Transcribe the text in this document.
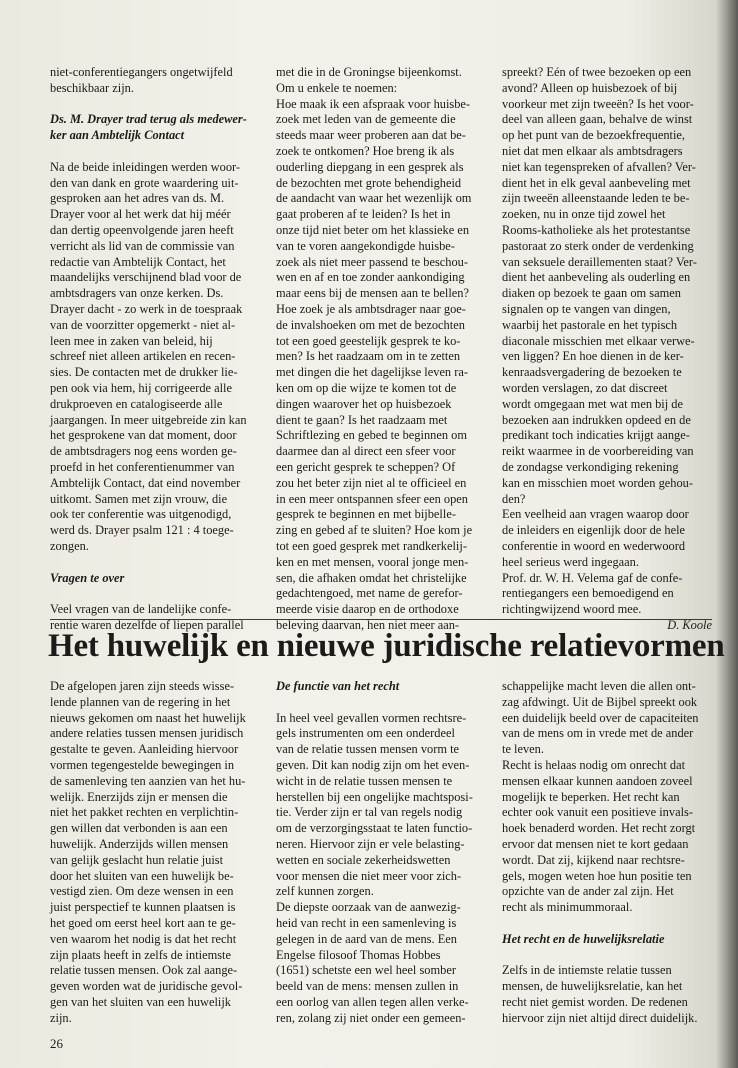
niet-conferentiegangers ongetwijfeld
beschikbaar zijn.

Ds. M. Drayer trad terug als medewer-
ker aan Ambtelijk Contact

Na de beide inleidingen werden woor-
den van dank en grote waardering uit-
gesproken aan het adres van ds. M.
Drayer voor al het werk dat hij méér
dan dertig opeenvolgende jaren heeft
verricht als lid van de commissie van
redactie van Ambtelijk Contact, het
maandelijks verschijnend blad voor de
ambtsdragers van onze kerken. Ds.
Drayer dacht - zo werk in de toespraak
van de voorzitter opgemerkt - niet al-
leen mee in zaken van beleid, hij
schreef niet alleen artikelen en recen-
sies. De contacten met de drukker lie-
pen ook via hem, hij corrigeerde alle
drukproeven en catalogiseerde alle
jaargangen. In meer uitgebreide zin kan
het gesprokene van dat moment, door
de ambtsdragers nog eens worden ge-
proefd in het conferentienummer van
Ambtelijk Contact, dat eind november
uitkomt. Samen met zijn vrouw, die
ook ter conferentie was uitgenodigd,
werd ds. Drayer psalm 121 : 4 toege-
zongen.

Vragen te over

Veel vragen van de landelijke confe-
rentie waren dezelfde of liepen parallel

met die in de Groningse bijeenkomst.
Om u enkele te noemen:
Hoe maak ik een afspraak voor huisbe-
zoek met leden van de gemeente die
steeds maar weer proberen aan dat be-
zoek te ontkomen? Hoe breng ik als
ouderling diepgang in een gesprek als
de bezochten met grote behendigheid
de aandacht van waar het wezenlijk om
gaat proberen af te leiden? Is het in
onze tijd niet beter om het klassieke en
van te voren aangekondigde huisbe-
zoek als niet meer passend te beschou-
wen en af en toe zonder aankondiging
maar eens bij de mensen aan te bellen?
Hoe zoek je als ambtsdrager naar goe-
de invalshoeken om met de bezochten
tot een goed geestelijk gesprek te ko-
men? Is het raadzaam om in te zetten
met dingen die het dagelijkse leven ra-
ken om op die wijze te komen tot de
dingen waarover het op huisbezoek
dient te gaan? Is het raadzaam met
Schriftlezing en gebed te beginnen om
daarmee dan al direct een sfeer voor
een gericht gesprek te scheppen? Of
zou het beter zijn niet al te officieel en
in een meer ontspannen sfeer een open
gesprek te beginnen en met bijbelle-
zing en gebed af te sluiten? Hoe kom je
tot een goed gesprek met randkerkelij-
ken en met mensen, vooral jonge men-
sen, die afhaken omdat het christelijke
gedachtengoed, met name de gerefor-
meerde visie daarop en de orthodoxe
beleving daarvan, hen niet meer aan-

spreekt? Eén of twee bezoeken op een
avond? Alleen op huisbezoek of bij
voorkeur met zijn tweeën? Is het voor-
deel van alleen gaan, behalve de winst
op het punt van de bezoekfrequentie,
niet dat men elkaar als ambtsdragers
niet kan tegenspreken of afvallen? Ver-
dient het in elk geval aanbeveling met
zijn tweeën alleenstaande leden te be-
zoeken, nu in onze tijd zowel het
Rooms-katholieke als het protestantse
pastoraat zo sterk onder de verdenking
van seksuele deraillementen staat? Ver-
dient het aanbeveling als ouderling en
diaken op bezoek te gaan om samen
signalen op te vangen van dingen,
waarbij het pastorale en het typisch
diaconale misschien met elkaar verwe-
ven liggen? En hoe dienen in de ker-
kenraadsvergadering de bezoeken te
worden verslagen, zo dat discreet
wordt omgegaan met wat men bij de
bezoeken aan indrukken opdeed en de
predikant toch indicaties krijgt aange-
reikt waarmee in de voorbereiding van
de zondagse verkondiging rekening
kan en misschien moet worden gehou-
den?
Een veelheid aan vragen waarop door
de inleiders en eigenlijk door de hele
conferentie in woord en wederwoord
heel serieus werd ingegaan.
Prof. dr. W. H. Velema gaf de confe-
rentiegangers een bemoedigend en
richtingwijzend woord mee.

D. Koole

Het huwelijk en nieuwe juridische relatievormen

De afgelopen jaren zijn steeds wisse-
lende plannen van de regering in het
nieuws gekomen om naast het huwelijk
andere relaties tussen mensen juridisch
gestalte te geven. Aanleiding hiervoor
vormen tegengestelde bewegingen in
de samenleving ten aanzien van het hu-
welijk. Enerzijds zijn er mensen die
niet het pakket rechten en verplichtin-
gen willen dat verbonden is aan een
huwelijk. Anderzijds willen mensen
van gelijk geslacht hun relatie juist
door het sluiten van een huwelijk be-
vestigd zien. Om deze wensen in een
juist perspectief te kunnen plaatsen is
het goed om eerst heel kort aan te ge-
ven waarom het nodig is dat het recht
zijn plaats heeft in zelfs de intiemste
relatie tussen mensen. Ook zal aange-
geven worden wat de juridische gevol-
gen van het sluiten van een huwelijk
zijn.

De functie van het recht

In heel veel gevallen vormen rechtsre-
gels instrumenten om een onderdeel
van de relatie tussen mensen vorm te
geven. Dit kan nodig zijn om het even-
wicht in de relatie tussen mensen te
herstellen bij een ongelijke machtsposi-
tie. Verder zijn er tal van regels nodig
om de verzorgingsstaat te laten functio-
neren. Hiervoor zijn er vele belasting-
wetten en sociale zekerheidswetten
voor mensen die niet meer voor zich-
zelf kunnen zorgen.
De diepste oorzaak van de aanwezig-
heid van recht in een samenleving is
gelegen in de aard van de mens. Een
Engelse filosoof Thomas Hobbes
(1651) schetste een wel heel somber
beeld van de mens: mensen zullen in
een oorlog van allen tegen allen verke-
ren, zolang zij niet onder een gemeen-

schappelijke macht leven die allen ont-
zag afdwingt. Uit de Bijbel spreekt ook
een duidelijk beeld over de capaciteiten
van de mens om in vrede met de ander
te leven.
Recht is helaas nodig om onrecht dat
mensen elkaar kunnen aandoen zoveel
mogelijk te beperken. Het recht kan
echter ook vanuit een positieve invals-
hoek benaderd worden. Het recht zorgt
ervoor dat mensen niet te kort gedaan
wordt. Dat zij, kijkend naar rechtsre-
gels, mogen weten hoe hun positie ten
opzichte van de ander zal zijn. Het
recht als minimummoraal.

Het recht en de huwelijksrelatie

Zelfs in de intiemste relatie tussen
mensen, de huwelijksrelatie, kan het
recht niet gemist worden. De redenen
hiervoor zijn niet altijd direct duidelijk.

26
